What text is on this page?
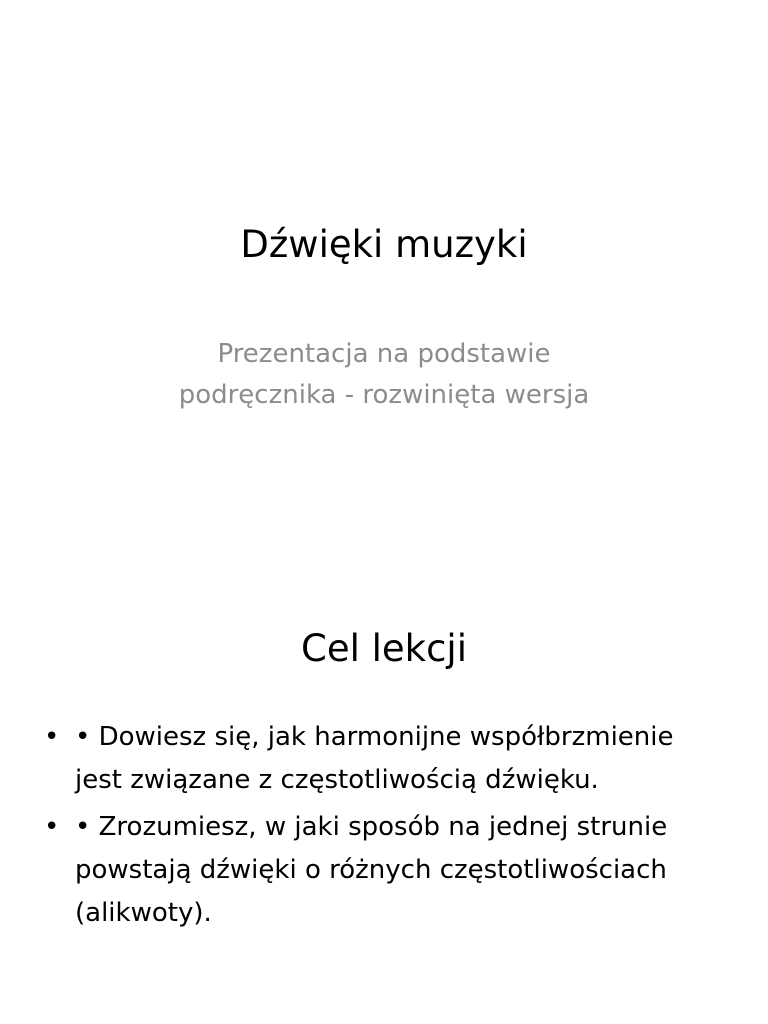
Dźwięki muzyki

Prezentacja na podstawie
podręcznika - rozwinięta wersja

Cel lekcji
• • Dowiesz się, jak harmonijne współbrzmienie
jest związane z częstotliwością dźwięku.
• • Zrozumiesz, w jaki sposób na jednej strunie
powstają dźwięki o różnych częstotliwościach
(alikwoty).
